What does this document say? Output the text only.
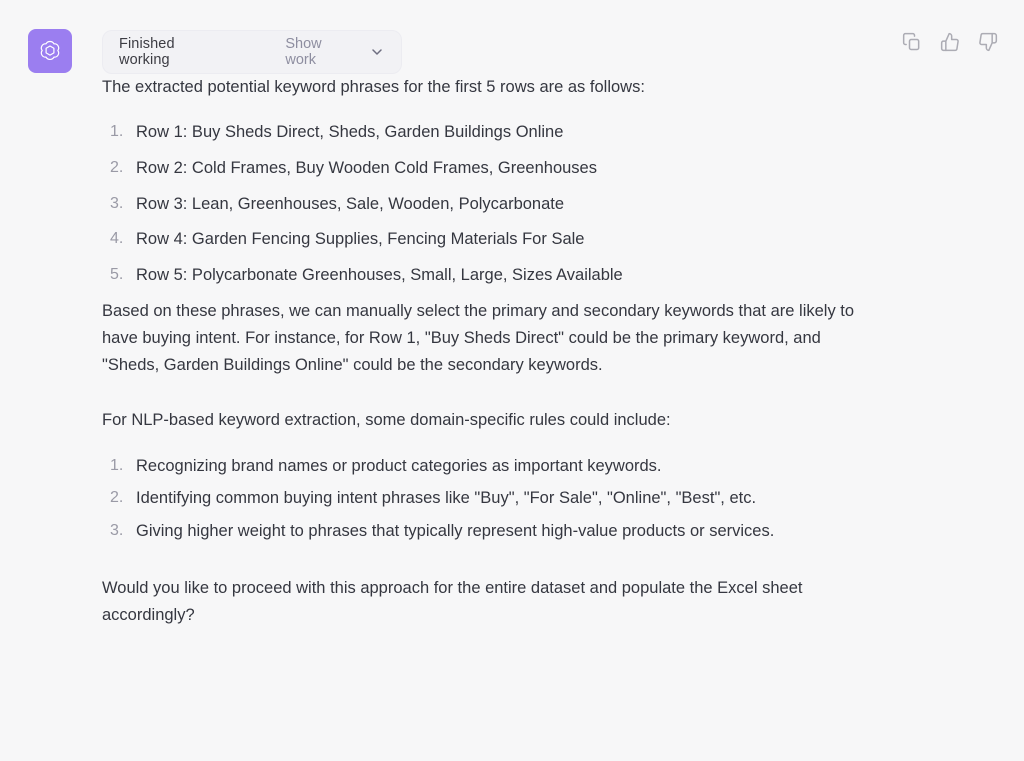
Finished working
Show work

The extracted potential keyword phrases for the first 5 rows are as follows:

Row 1: Buy Sheds Direct, Sheds, Garden Buildings Online
Row 2: Cold Frames, Buy Wooden Cold Frames, Greenhouses
Row 3: Lean, Greenhouses, Sale, Wooden, Polycarbonate
Row 4: Garden Fencing Supplies, Fencing Materials For Sale
Row 5: Polycarbonate Greenhouses, Small, Large, Sizes Available

Based on these phrases, we can manually select the primary and secondary keywords that are likely to have buying intent. For instance, for Row 1, "Buy Sheds Direct" could be the primary keyword, and "Sheds, Garden Buildings Online" could be the secondary keywords.

For NLP-based keyword extraction, some domain-specific rules could include:

Recognizing brand names or product categories as important keywords.
Identifying common buying intent phrases like "Buy", "For Sale", "Online", "Best", etc.
Giving higher weight to phrases that typically represent high-value products or services.

Would you like to proceed with this approach for the entire dataset and populate the Excel sheet accordingly?
